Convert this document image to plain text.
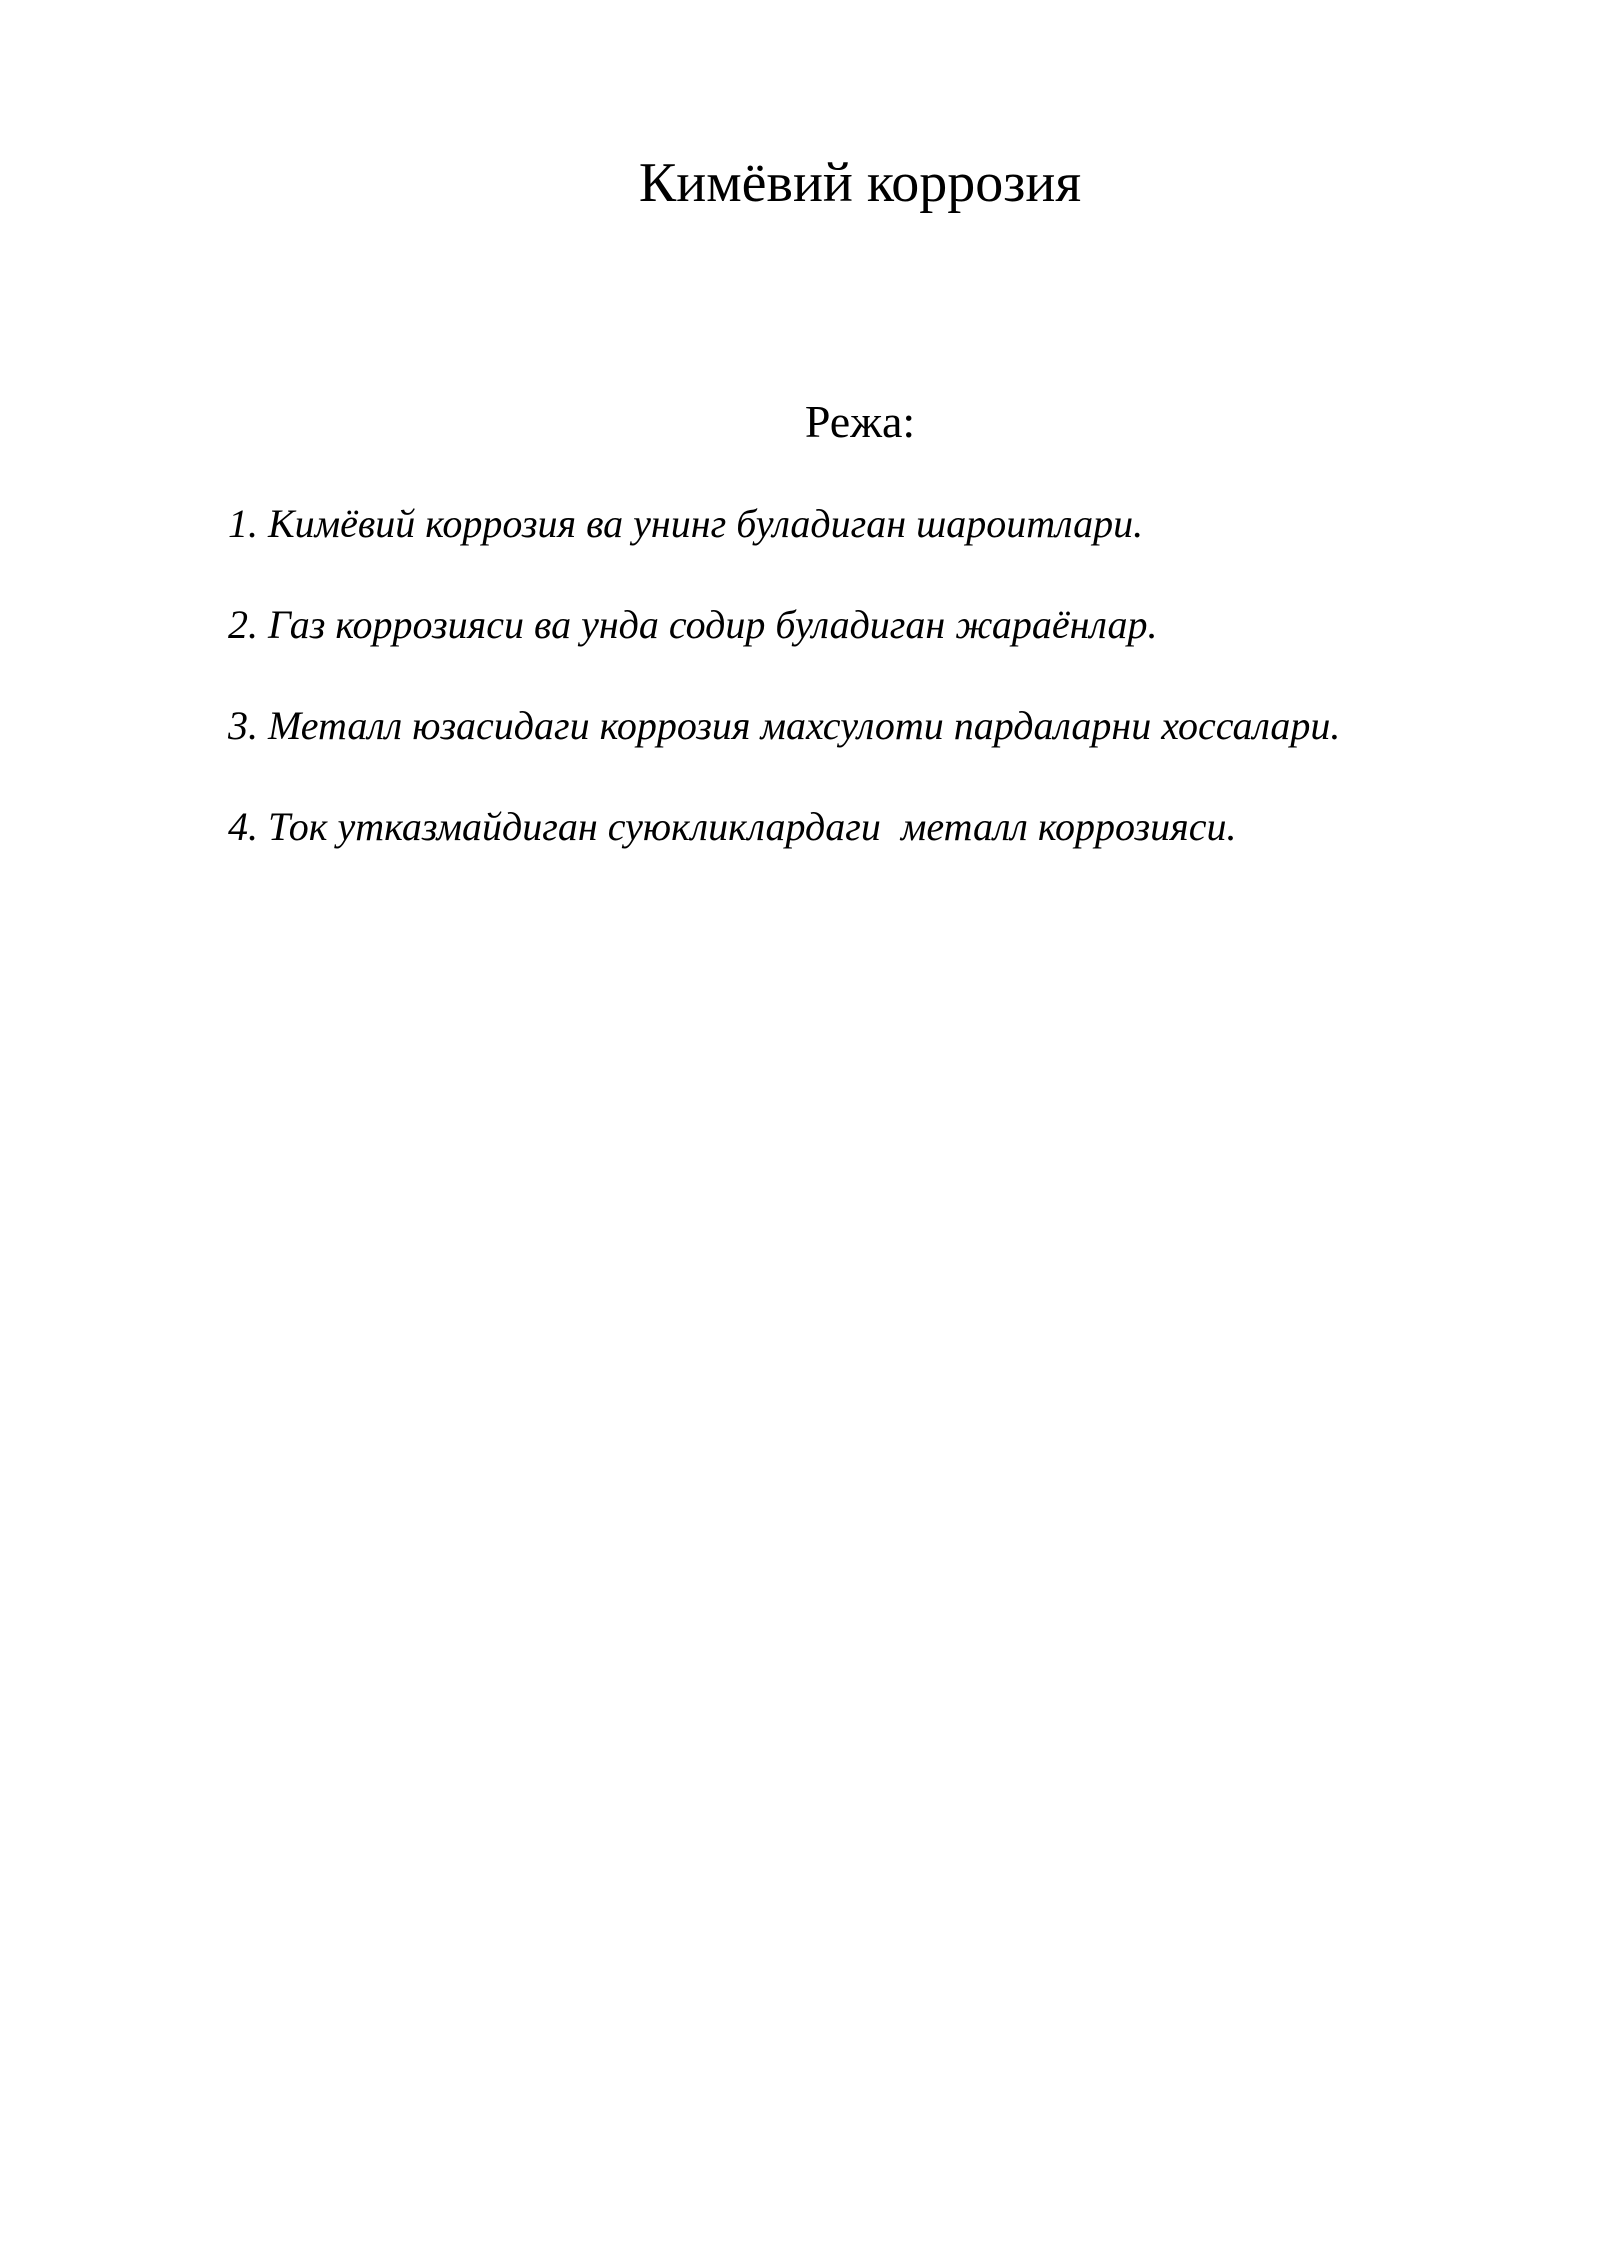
Кимёвий коррозия

Режа:

1. Кимёвий коррозия ва унинг буладиган шароитлари.
2. Газ коррозияси ва унда содир буладиган жараёнлар.
3. Металл юзасидаги коррозия махсулоти пардаларни хоссалари.
4. Ток утказмайдиган суюкликлардаги  металл коррозияси.
